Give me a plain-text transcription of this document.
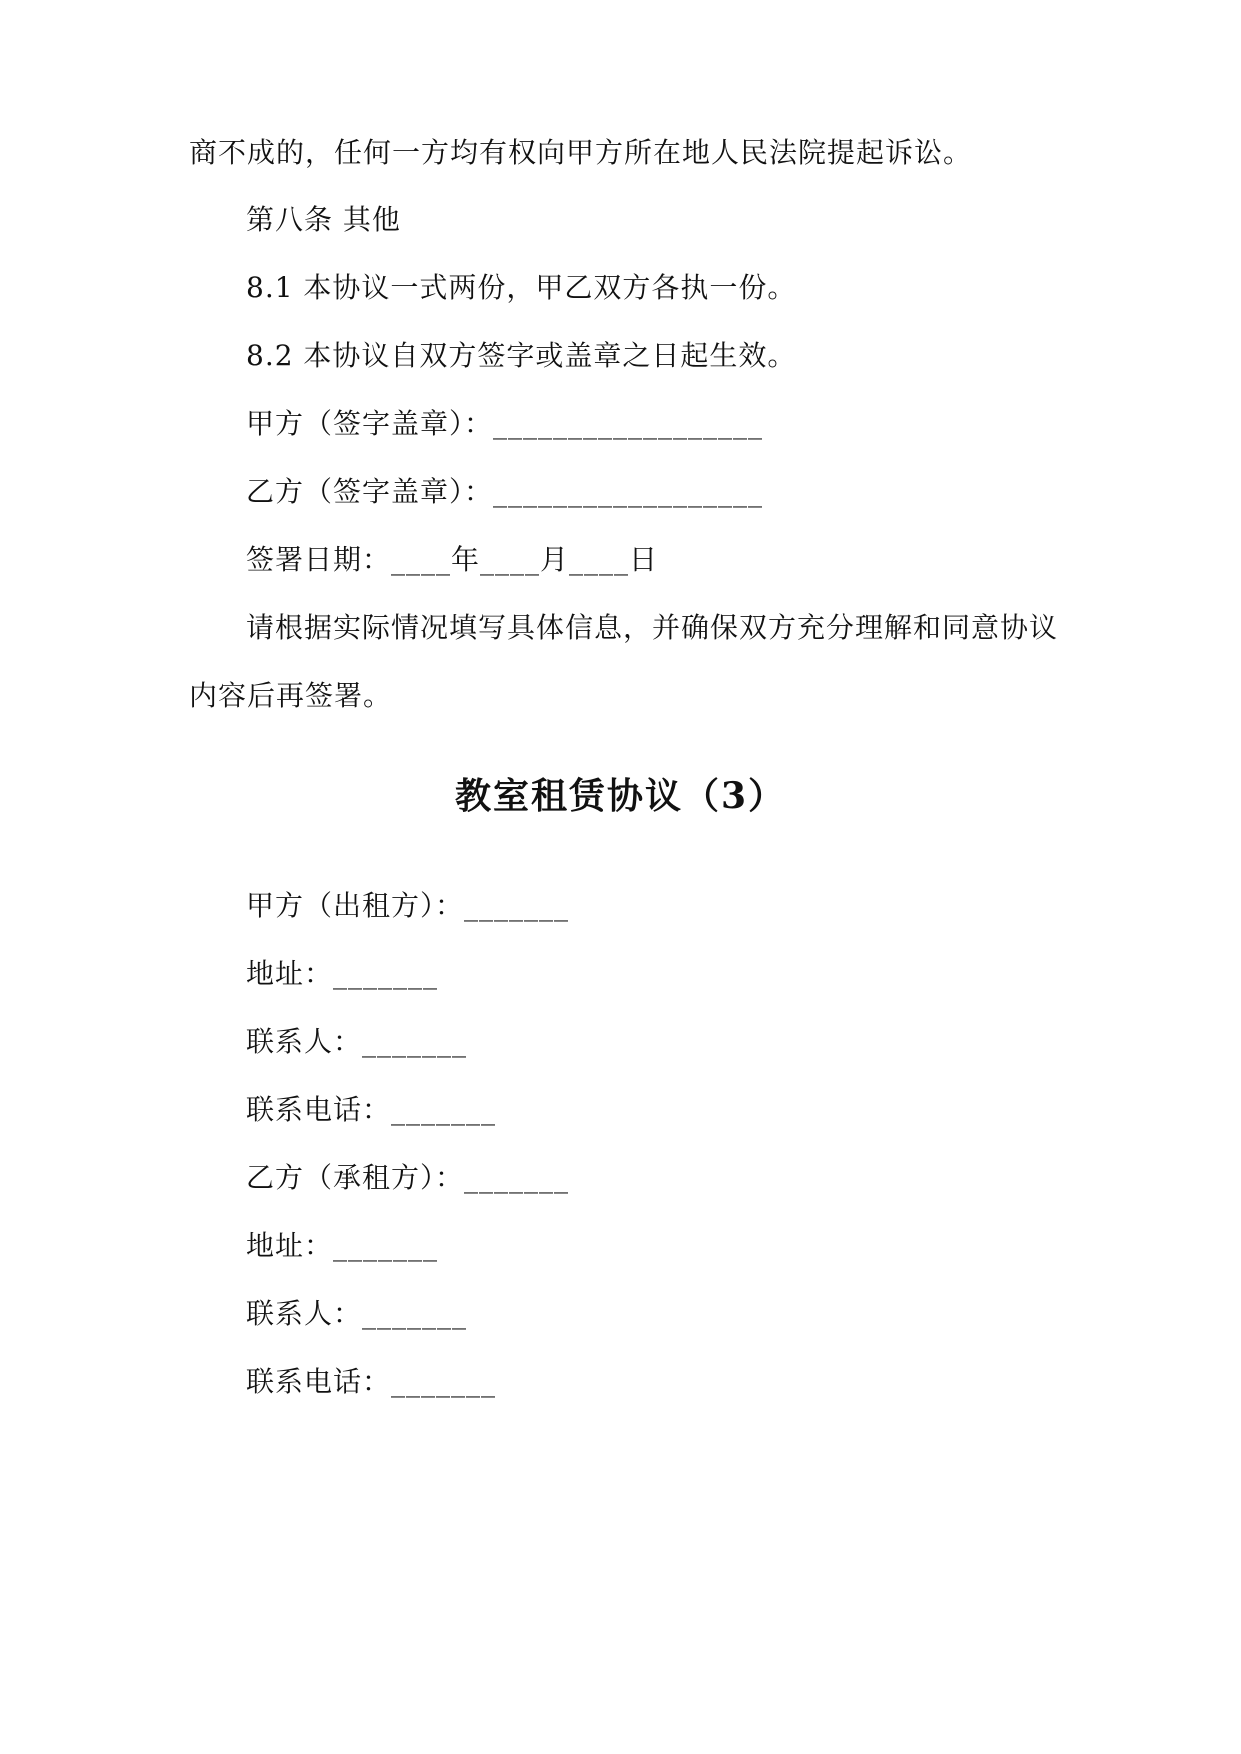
商不成的，任何一方均有权向甲方所在地人民法院提起诉讼。
第八条 其他
8.1 本协议一式两份，甲乙双方各执一份。
8.2 本协议自双方签字或盖章之日起生效。
甲方（签字盖章）：__________________
乙方（签字盖章）：__________________
签署日期：____年____月____日
请根据实际情况填写具体信息，并确保双方充分理解和同意协议
内容后再签署。
教室租赁协议（3）
甲方（出租方）：_______
地址：_______
联系人：_______
联系电话：_______
乙方（承租方）：_______
地址：_______
联系人：_______
联系电话：_______
